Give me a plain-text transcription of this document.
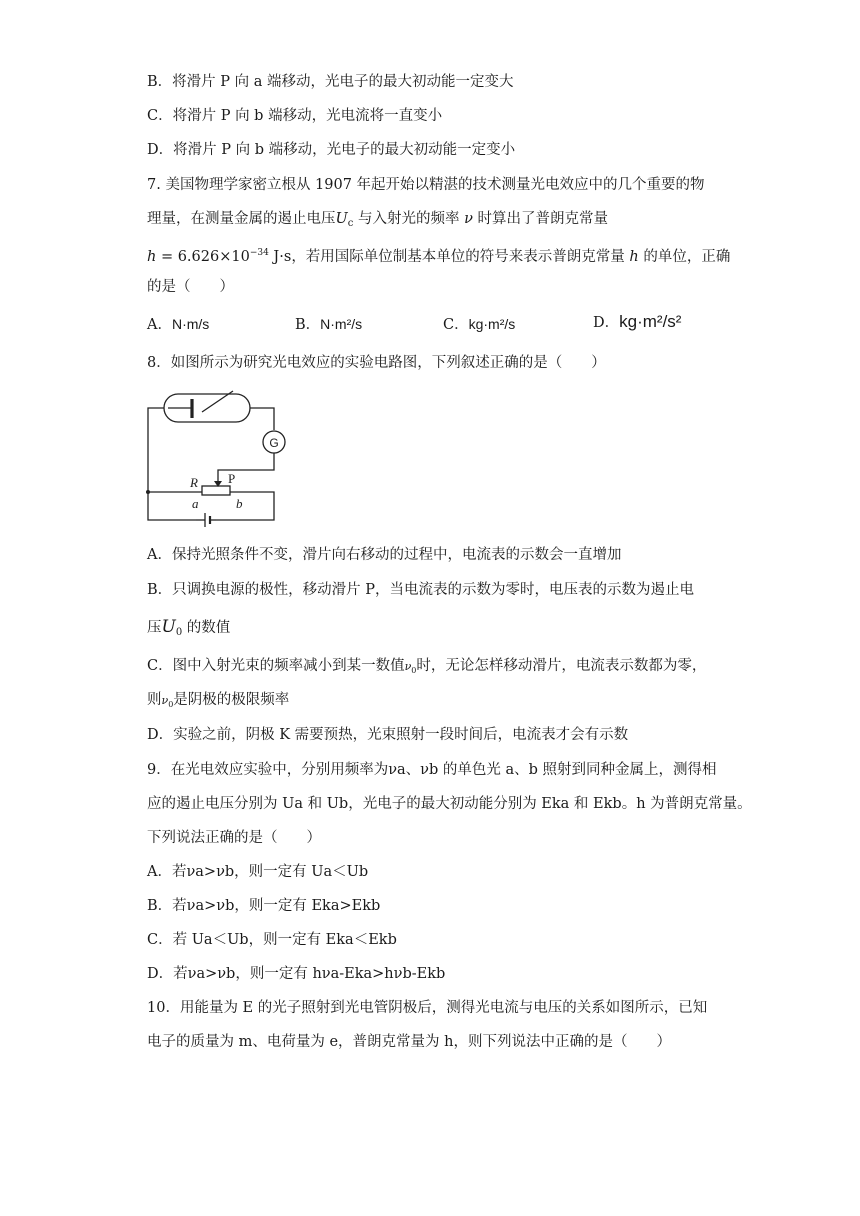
B．将滑片 P 向 a 端移动，光电子的最大初动能一定变大
C．将滑片 P 向 b 端移动，光电流将一直变小
D．将滑片 P 向 b 端移动，光电子的最大初动能一定变小
7. 美国物理学家密立根从 1907 年起开始以精湛的技术测量光电效应中的几个重要的物
理量，在测量金属的遏止电压$U_c$ 与入射光的频率 ν 时算出了普朗克常量
$h = 6.626\times 10^{-34}$ J·s，若用国际单位制基本单位的符号来表示普朗克常量 h 的单位，正确
的是（　　）
A．N·m/s	B．N·m²/s	C．kg·m²/s	D．kg·m²/s²
8．如图所示为研究光电效应的实验电路图，下列叙述正确的是（　　）
G
R P
a	b
A．保持光照条件不变，滑片向右移动的过程中，电流表的示数会一直增加
B．只调换电源的极性，移动滑片 P，当电流表的示数为零时，电压表的示数为遏止电
压$U_0$ 的数值
C．图中入射光束的频率减小到某一数值$\nu_0$时，无论怎样移动滑片，电流表示数都为零，
则$\nu_0$是阴极的极限频率
D．实验之前，阴极 K 需要预热，光束照射一段时间后，电流表才会有示数
9．在光电效应实验中，分别用频率为νa、νb 的单色光 a、b 照射到同种金属上，测得相
应的遏止电压分别为 Ua 和 Ub，光电子的最大初动能分别为 Eka 和 Ekb。h 为普朗克常量。
下列说法正确的是（　　）
A．若νa>νb，则一定有 Ua＜Ub
B．若νa>νb，则一定有 Eka>Ekb
C．若 Ua＜Ub，则一定有 Eka＜Ekb
D．若νa>νb，则一定有 hνa-Eka>hνb-Ekb
10．用能量为 E 的光子照射到光电管阴极后，测得光电流与电压的关系如图所示，已知
电子的质量为 m、电荷量为 e，普朗克常量为 h，则下列说法中正确的是（　　）
